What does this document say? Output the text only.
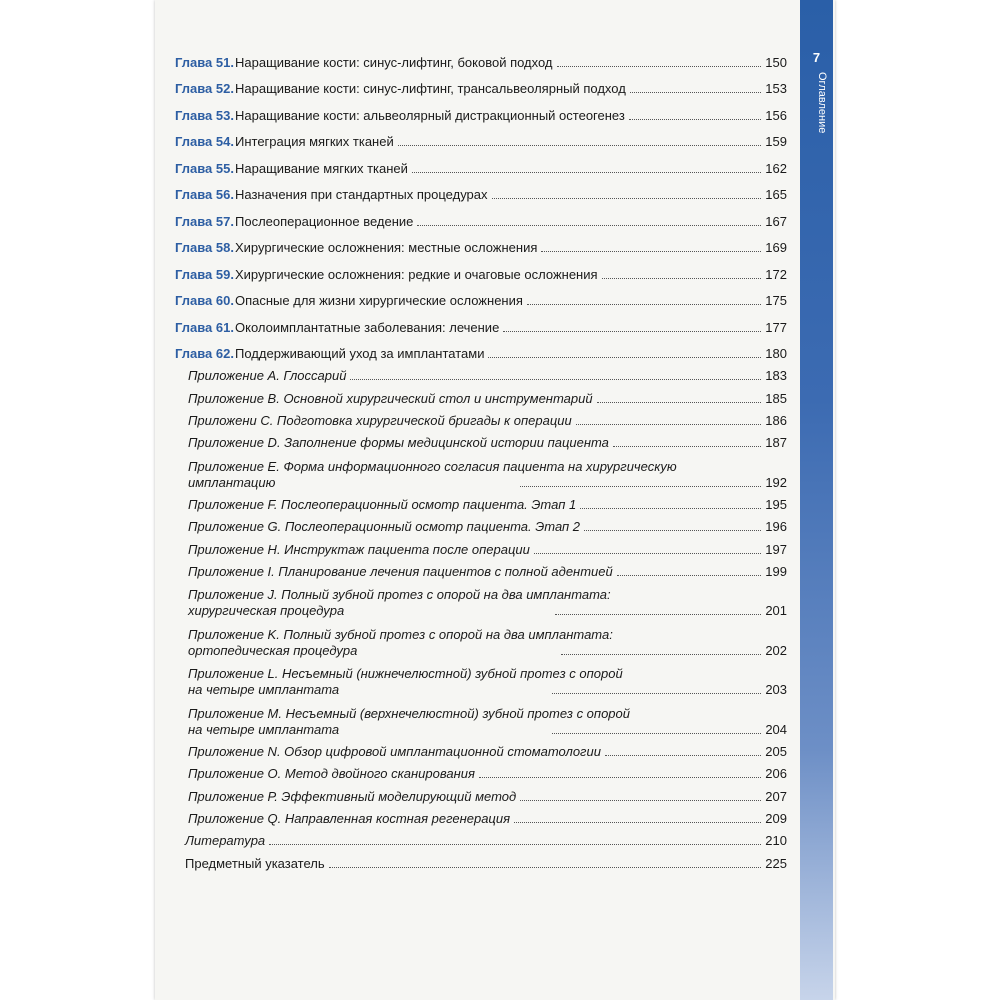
7
Оглавление
Глава 51. Наращивание кости: синус-лифтинг, боковой подход	150
Глава 52. Наращивание кости: синус-лифтинг, трансальвеолярный подход	153
Глава 53. Наращивание кости: альвеолярный дистракционный остеогенез	156
Глава 54. Интеграция мягких тканей	159
Глава 55. Наращивание мягких тканей	162
Глава 56. Назначения при стандартных процедурах	165
Глава 57. Послеоперационное ведение	167
Глава 58. Хирургические осложнения: местные осложнения	169
Глава 59. Хирургические осложнения: редкие и очаговые осложнения	172
Глава 60. Опасные для жизни хирургические осложнения	175
Глава 61. Околоимплантатные заболевания: лечение	177
Глава 62. Поддерживающий уход за имплантатами	180
Приложение А. Глоссарий	183
Приложение В. Основной хирургический стол и инструментарий	185
Приложени С. Подготовка хирургической бригады к операции	186
Приложение D. Заполнение формы медицинской истории пациента	187
Приложение Е. Форма информационного согласия пациента на хирургическую
имплантацию	192
Приложение F. Послеоперационный осмотр пациента. Этап 1	195
Приложение G. Послеоперационный осмотр пациента. Этап 2	196
Приложение Н. Инструктаж пациента после операции	197
Приложение I. Планирование лечения пациентов с полной адентией	199
Приложение J. Полный зубной протез с опорой на два имплантата:
хирургическая процедура	201
Приложение K. Полный зубной протез с опорой на два имплантата:
ортопедическая процедура	202
Приложение L. Несъемный (нижнечелюстной) зубной протез с опорой
на четыре имплантата	203
Приложение М. Несъемный (верхнечелюстной) зубной протез с опорой
на четыре имплантата	204
Приложение N. Обзор цифровой имплантационной стоматологии	205
Приложение О. Метод двойного сканирования	206
Приложение Р. Эффективный моделирующий метод	207
Приложение Q. Направленная костная регенерация	209
Литература	210
Предметный указатель	225
